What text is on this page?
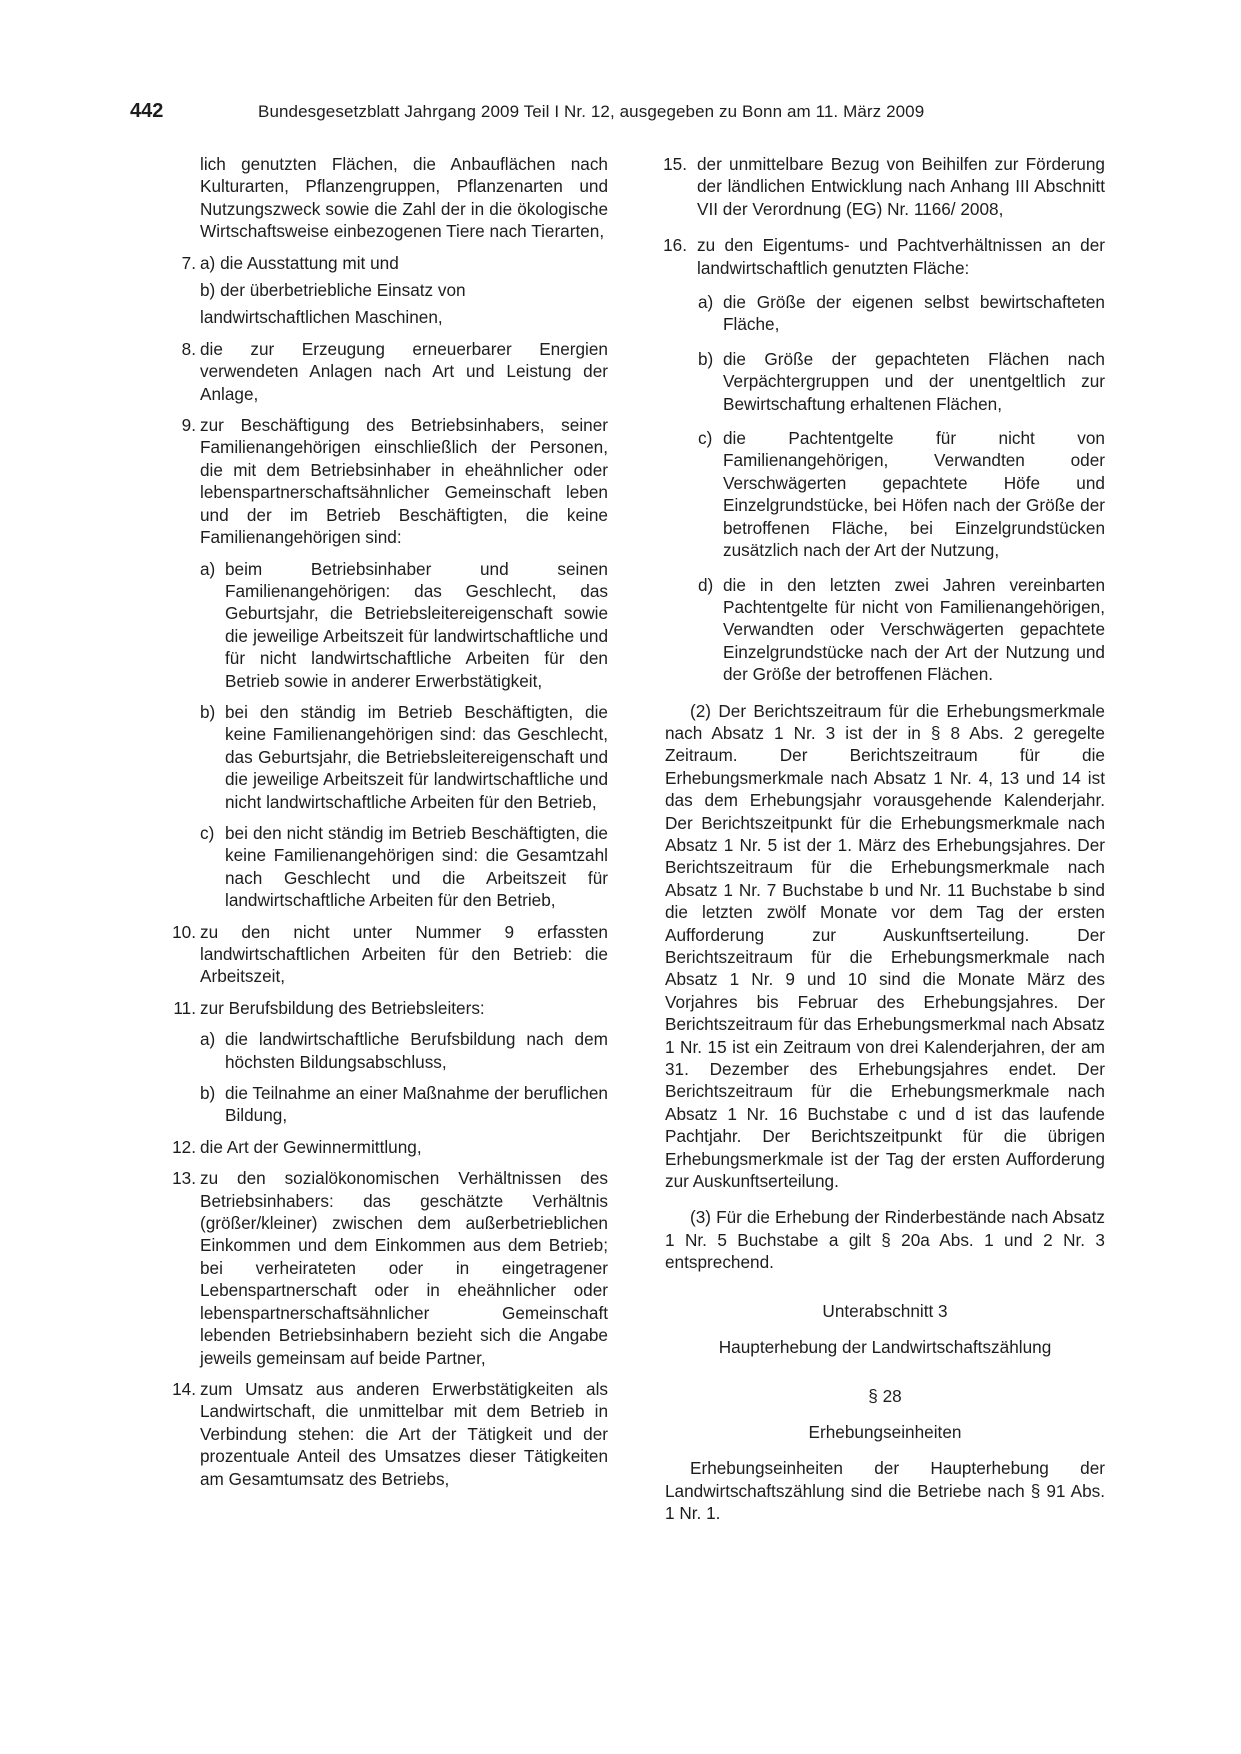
442	Bundesgesetzblatt Jahrgang 2009 Teil I Nr. 12, ausgegeben zu Bonn am 11. März 2009

lich genutzten Flächen, die Anbauflächen nach Kulturarten, Pflanzengruppen, Pflanzenarten und Nutzungszweck sowie die Zahl der in die ökologische Wirtschaftsweise einbezogenen Tiere nach Tierarten,

7. a) die Ausstattung mit und
b) der überbetriebliche Einsatz von
landwirtschaftlichen Maschinen,
8. die zur Erzeugung erneuerbarer Energien verwendeten Anlagen nach Art und Leistung der Anlage,
9. zur Beschäftigung des Betriebsinhabers, seiner Familienangehörigen einschließlich der Personen, die mit dem Betriebsinhaber in eheähnlicher oder lebenspartnerschaftsähnlicher Gemeinschaft leben und der im Betrieb Beschäftigten, die keine Familienangehörigen sind:
a) beim Betriebsinhaber und seinen Familienangehörigen: das Geschlecht, das Geburtsjahr, die Betriebsleitereigenschaft sowie die jeweilige Arbeitszeit für landwirtschaftliche und für nicht landwirtschaftliche Arbeiten für den Betrieb sowie in anderer Erwerbstätigkeit,
b) bei den ständig im Betrieb Beschäftigten, die keine Familienangehörigen sind: das Geschlecht, das Geburtsjahr, die Betriebsleitereigenschaft und die jeweilige Arbeitszeit für landwirtschaftliche und nicht landwirtschaftliche Arbeiten für den Betrieb,
c) bei den nicht ständig im Betrieb Beschäftigten, die keine Familienangehörigen sind: die Gesamtzahl nach Geschlecht und die Arbeitszeit für landwirtschaftliche Arbeiten für den Betrieb,
10. zu den nicht unter Nummer 9 erfassten landwirtschaftlichen Arbeiten für den Betrieb: die Arbeitszeit,
11. zur Berufsbildung des Betriebsleiters:
a) die landwirtschaftliche Berufsbildung nach dem höchsten Bildungsabschluss,
b) die Teilnahme an einer Maßnahme der beruflichen Bildung,
12. die Art der Gewinnermittlung,
13. zu den sozialökonomischen Verhältnissen des Betriebsinhabers: das geschätzte Verhältnis (größer/kleiner) zwischen dem außerbetrieblichen Einkommen und dem Einkommen aus dem Betrieb; bei verheirateten oder in eingetragener Lebenspartnerschaft oder in eheähnlicher oder lebenspartnerschaftsähnlicher Gemeinschaft lebenden Betriebsinhabern bezieht sich die Angabe jeweils gemeinsam auf beide Partner,
14. zum Umsatz aus anderen Erwerbstätigkeiten als Landwirtschaft, die unmittelbar mit dem Betrieb in Verbindung stehen: die Art der Tätigkeit und der prozentuale Anteil des Umsatzes dieser Tätigkeiten am Gesamtumsatz des Betriebs,
15. der unmittelbare Bezug von Beihilfen zur Förderung der ländlichen Entwicklung nach Anhang III Abschnitt VII der Verordnung (EG) Nr. 1166/ 2008,
16. zu den Eigentums- und Pachtverhältnissen an der landwirtschaftlich genutzten Fläche:
a) die Größe der eigenen selbst bewirtschafteten Fläche,
b) die Größe der gepachteten Flächen nach Verpächtergruppen und der unentgeltlich zur Bewirtschaftung erhaltenen Flächen,
c) die Pachtentgelte für nicht von Familienangehörigen, Verwandten oder Verschwägerten gepachtete Höfe und Einzelgrundstücke, bei Höfen nach der Größe der betroffenen Fläche, bei Einzelgrundstücken zusätzlich nach der Art der Nutzung,
d) die in den letzten zwei Jahren vereinbarten Pachtentgelte für nicht von Familienangehörigen, Verwandten oder Verschwägerten gepachtete Einzelgrundstücke nach der Art der Nutzung und der Größe der betroffenen Flächen.

(2) Der Berichtszeitraum für die Erhebungsmerkmale nach Absatz 1 Nr. 3 ist der in § 8 Abs. 2 geregelte Zeitraum. Der Berichtszeitraum für die Erhebungsmerkmale nach Absatz 1 Nr. 4, 13 und 14 ist das dem Erhebungsjahr vorausgehende Kalenderjahr. Der Berichtszeitpunkt für die Erhebungsmerkmale nach Absatz 1 Nr. 5 ist der 1. März des Erhebungsjahres. Der Berichtszeitraum für die Erhebungsmerkmale nach Absatz 1 Nr. 7 Buchstabe b und Nr. 11 Buchstabe b sind die letzten zwölf Monate vor dem Tag der ersten Aufforderung zur Auskunftserteilung. Der Berichtszeitraum für die Erhebungsmerkmale nach Absatz 1 Nr. 9 und 10 sind die Monate März des Vorjahres bis Februar des Erhebungsjahres. Der Berichtszeitraum für das Erhebungsmerkmal nach Absatz 1 Nr. 15 ist ein Zeitraum von drei Kalenderjahren, der am 31. Dezember des Erhebungsjahres endet. Der Berichtszeitraum für die Erhebungsmerkmale nach Absatz 1 Nr. 16 Buchstabe c und d ist das laufende Pachtjahr. Der Berichtszeitpunkt für die übrigen Erhebungsmerkmale ist der Tag der ersten Aufforderung zur Auskunftserteilung.

(3) Für die Erhebung der Rinderbestände nach Absatz 1 Nr. 5 Buchstabe a gilt § 20a Abs. 1 und 2 Nr. 3 entsprechend.

Unterabschnitt 3

Haupterhebung der Landwirtschaftszählung

§ 28

Erhebungseinheiten

Erhebungseinheiten der Haupterhebung der Landwirtschaftszählung sind die Betriebe nach § 91 Abs. 1 Nr. 1.
